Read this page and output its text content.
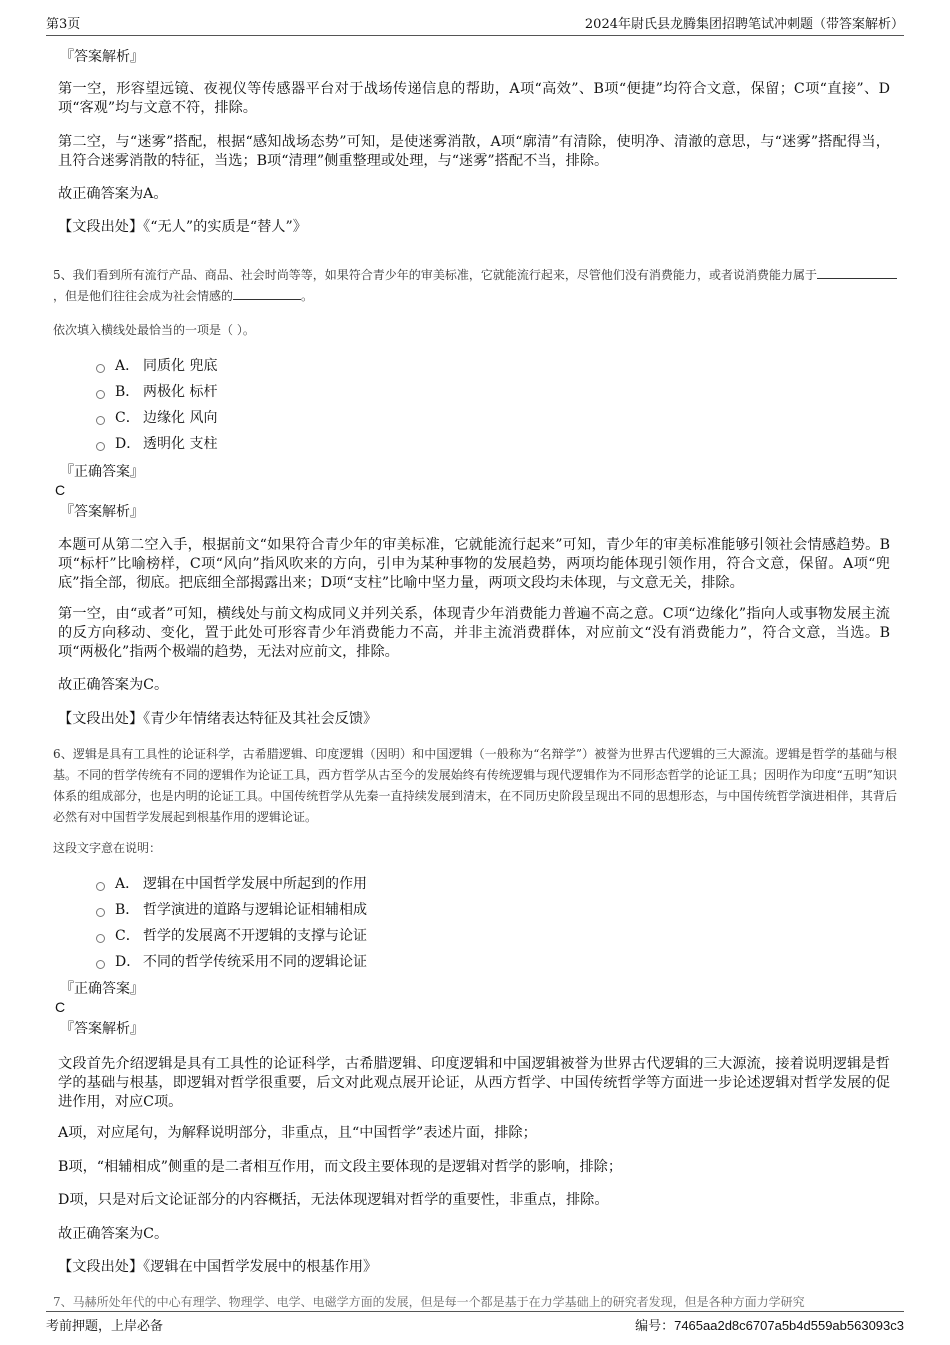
第3页	2024年尉氏县龙腾集团招聘笔试冲刺题（带答案解析）
『答案解析』
第一空，形容望远镜、夜视仪等传感器平台对于战场传递信息的帮助，A项“高效”、B项“便捷”均符合文意，保留；C项“直接”、D项“客观”均与文意不符，排除。
第二空，与“迷雾”搭配，根据“感知战场态势”可知，是使迷雾消散，A项“廓清”有清除，使明净、清澈的意思，与“迷雾”搭配得当，且符合迷雾消散的特征，当选；B项“清理”侧重整理或处理，与“迷雾”搭配不当，排除。
故正确答案为A。
【文段出处】《“无人”的实质是“替人”》
5、我们看到所有流行产品、商品、社会时尚等等，如果符合青少年的审美标准，它就能流行起来，尽管他们没有消费能力，或者说消费能力属于，但是他们往往会成为社会情感的	。
依次填入横线处最恰当的一项是（ ）。
A． 同质化 兜底
B． 两极化 标杆
C． 边缘化 风向
D． 透明化 支柱
『正确答案』
C
『答案解析』
本题可从第二空入手，根据前文“如果符合青少年的审美标准，它就能流行起来”可知，青少年的审美标准能够引领社会情感趋势。B项“标杆”比喻榜样，C项“风向”指风吹来的方向，引申为某种事物的发展趋势，两项均能体现引领作用，符合文意，保留。A项“兜底”指全部，彻底。把底细全部揭露出来；D项“支柱”比喻中坚力量，两项文段均未体现，与文意无关，排除。
第一空，由“或者”可知，横线处与前文构成同义并列关系，体现青少年消费能力普遍不高之意。C项“边缘化”指向人或事物发展主流的反方向移动、变化，置于此处可形容青少年消费能力不高，并非主流消费群体，对应前文“没有消费能力”，符合文意，当选。B项“两极化”指两个极端的趋势，无法对应前文，排除。
故正确答案为C。
【文段出处】《青少年情绪表达特征及其社会反馈》
6、逻辑是具有工具性的论证科学，古希腊逻辑、印度逻辑（因明）和中国逻辑（一般称为“名辩学”）被誉为世界古代逻辑的三大源流。逻辑是哲学的基础与根基。不同的哲学传统有不同的逻辑作为论证工具，西方哲学从古至今的发展始终有传统逻辑与现代逻辑作为不同形态哲学的论证工具；因明作为印度“五明”知识体系的组成部分，也是内明的论证工具。中国传统哲学从先秦一直持续发展到清末，在不同历史阶段呈现出不同的思想形态，与中国传统哲学演进相伴，其背后必然有对中国哲学发展起到根基作用的逻辑论证。
这段文字意在说明：
A． 逻辑在中国哲学发展中所起到的作用
B． 哲学演进的道路与逻辑论证相辅相成
C． 哲学的发展离不开逻辑的支撑与论证
D． 不同的哲学传统采用不同的逻辑论证
『正确答案』
C
『答案解析』
文段首先介绍逻辑是具有工具性的论证科学，古希腊逻辑、印度逻辑和中国逻辑被誉为世界古代逻辑的三大源流，接着说明逻辑是哲学的基础与根基，即逻辑对哲学很重要，后文对此观点展开论证，从西方哲学、中国传统哲学等方面进一步论述逻辑对哲学发展的促进作用，对应C项。
A项，对应尾句，为解释说明部分，非重点，且“中国哲学”表述片面，排除；
B项，“相辅相成”侧重的是二者相互作用，而文段主要体现的是逻辑对哲学的影响，排除；
D项，只是对后文论证部分的内容概括，无法体现逻辑对哲学的重要性，非重点，排除。
故正确答案为C。
【文段出处】《逻辑在中国哲学发展中的根基作用》
7、马赫所处年代的中心有理学、物理学、电学、电磁学方面的发展，但是每一个都是基于在力学基础上的研究者发现，但是各种方面力学研究
考前押题，上岸必备	编号：7465aa2d8c6707a5b4d559ab563093c3
